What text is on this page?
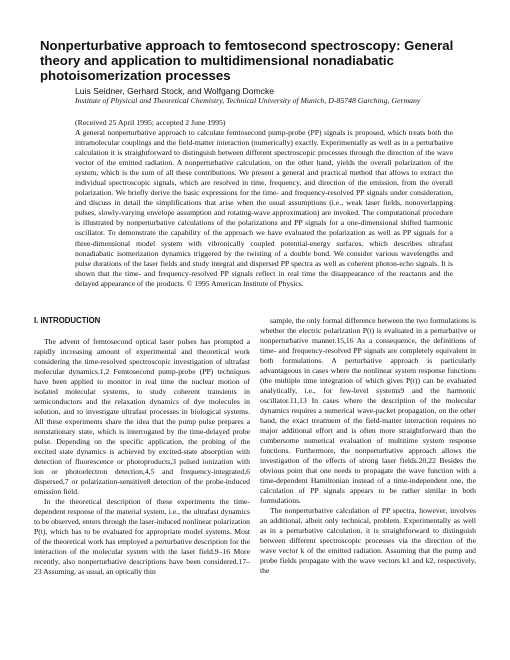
Nonperturbative approach to femtosecond spectroscopy: General theory and application to multidimensional nonadiabatic photoisomerization processes
Luis Seidner, Gerhard Stock, and Wolfgang Domcke
Institute of Physical and Theoretical Chemistry, Technical University of Munich, D-85748 Garching, Germany
(Received 25 April 1995; accepted 2 June 1995)
A general nonperturbative approach to calculate femtosecond pump-probe (PP) signals is proposed, which treats both the intramolecular couplings and the field-matter interaction (numerically) exactly. Experimentally as well as in a perturbative calculation it is straightforward to distinguish between different spectroscopic processes through the direction of the wave vector of the emitted radiation. A nonperturbative calculation, on the other hand, yields the overall polarization of the system, which is the sum of all these contributions. We present a general and practical method that allows to extract the individual spectroscopic signals, which are resolved in time, frequency, and direction of the emission, from the overall polarization. We briefly derive the basic expressions for the time- and frequency-resolved PP signals under consideration, and discuss in detail the simplifications that arise when the usual assumptions (i.e., weak laser fields, nonoverlapping pulses, slowly-varying envelope assumption and rotating-wave approximation) are invoked. The computational procedure is illustrated by nonperturbative calculations of the polarizations and PP signals for a one-dimensional shifted harmonic oscillator. To demonstrate the capability of the approach we have evaluated the polarization as well as PP signals for a three-dimensional model system with vibronically coupled potential-energy surfaces, which describes ultrafast nonadiabatic isomerization dynamics triggered by the twisting of a double bond. We consider various wavelengths and pulse durations of the laser fields and study integral and dispersed PP spectra as well as coherent photon-echo signals. It is shown that the time- and frequency-resolved PP signals reflect in real time the disappearance of the reactants and the delayed appearance of the products. © 1995 American Institute of Physics.
I. INTRODUCTION

The advent of femtosecond optical laser pulses has prompted a rapidly increasing amount of experimental and theoretical work considering the time-resolved spectroscopic investigation of ultrafast molecular dynamics.1,2 Femtosecond pump-probe (PP) techniques have been applied to monitor in real time the nuclear motion of isolated molecular systems, to study coherent transients in semiconductors and the relaxation dynamics of dye molecules in solution, and to investigate ultrafast processes in biological systems. All these experiments share the idea that the pump pulse prepares a nonstationary state, which is interrogated by the time-delayed probe pulse. Depending on the specific application, the probing of the excited state dynamics is achieved by excited-state absorption with detection of fluorescence or photoproducts,3 pulsed ionization with ion or photoelectron detection,4,5 and frequency-integrated,6 dispersed,7 or polarization-sensitive8 detection of the probe-induced emission field.

In the theoretical description of these experiments the time-dependent response of the material system, i.e., the ultrafast dynamics to be observed, enters through the laser-induced nonlinear polarization P(t), which has to be evaluated for appropriate model systems. Most of the theoretical work has employed a perturbative description for the interaction of the molecular system with the laser field.9–16 More recently, also nonperturbative descriptions have been considered.17–23 Assuming, as usual, an optically thin

sample, the only formal difference between the two formulations is whether the electric polarization P(t) is evaluated in a perturbative or nonperturbative manner.15,16 As a consequence, the definitions of time- and frequency-resolved PP signals are completely equivalent in both formulations. A perturbative approach is particularly advantageous in cases where the nonlinear system response functions (the multiple time integration of which gives P(t)) can be evaluated analytically, i.e., for few-level systems9 and the harmonic oscillator.11,13 In cases where the description of the molecular dynamics requires a numerical wave-packet propagation, on the other hand, the exact treatment of the field-matter interaction requires no major additional effort and is often more straightforward than the cumbersome numerical evaluation of multitime system response functions. Furthermore, the nonperturbative approach allows the investigation of the effects of strong laser fields.20,22 Besides the obvious point that one needs to propagate the wave function with a time-dependent Hamiltonian instead of a time-independent one, the calculation of PP signals appears to be rather similar in both formulations.

The nonperturbative calculation of PP spectra, however, involves an additional, albeit only technical, problem. Experimentally as well as in a perturbative calculation, it is straightforward to distinguish between different spectroscopic processes via the direction of the wave vector k of the emitted radiation. Assuming that the pump and probe fields propagate with the wave vectors k1 and k2, respectively, the
